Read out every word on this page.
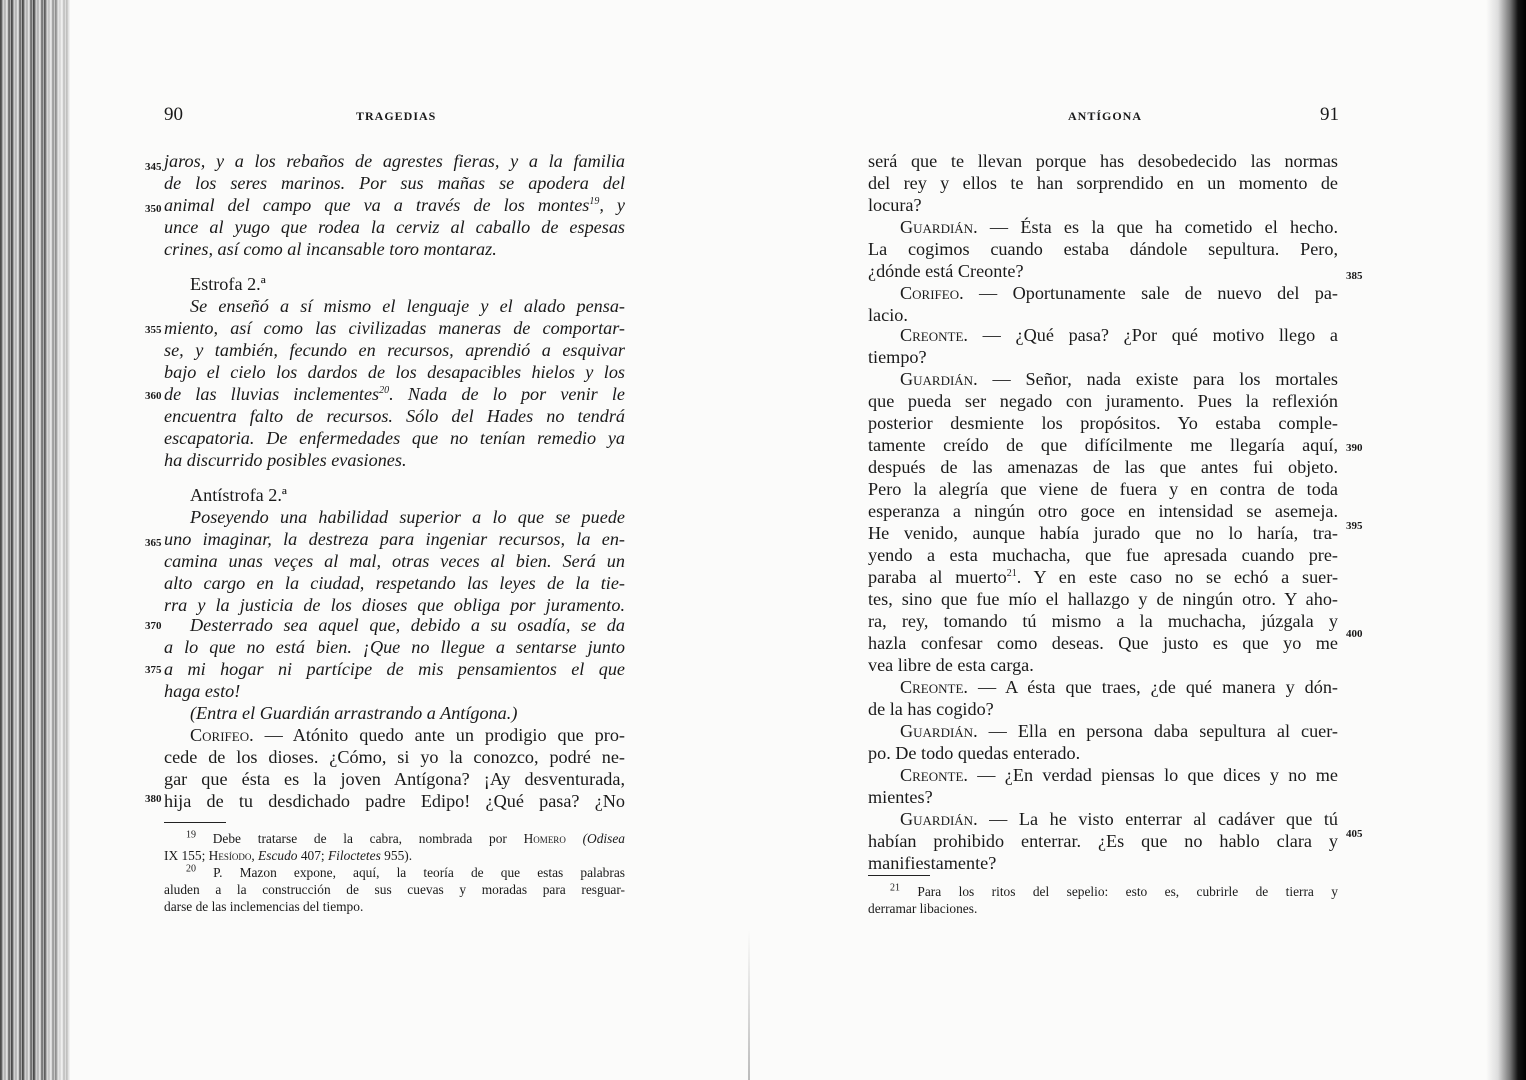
90	TRAGEDIAS
345
350
355
360
365
370
375
380
jaros, y a los rebaños de agrestes fieras, y a la familia
de los seres marinos. Por sus mañas se apodera del
animal del campo que va a través de los montes$^{19}$, y
unce al yugo que rodea la cerviz al caballo de espesas
crines, así como al incansable toro montaraz.
Estrofa 2.ª
Se enseñó a sí mismo el lenguaje y el alado pensa-
miento, así como las civilizadas maneras de comportar-
se, y también, fecundo en recursos, aprendió a esquivar
bajo el cielo los dardos de los desapacibles hielos y los
de las lluvias inclementes$^{20}$. Nada de lo por venir le
encuentra falto de recursos. Sólo del Hades no tendrá
escapatoria. De enfermedades que no tenían remedio ya
ha discurrido posibles evasiones.
Antístrofa 2.ª
Poseyendo una habilidad superior a lo que se puede
uno imaginar, la destreza para ingeniar recursos, la en-
camina unas veçes al mal, otras veces al bien. Será un
alto cargo en la ciudad, respetando las leyes de la tie-
rra y la justicia de los dioses que obliga por juramento.
Desterrado sea aquel que, debido a su osadía, se da
a lo que no está bien. ¡Que no llegue a sentarse junto
a mi hogar ni partícipe de mis pensamientos el que
haga esto!
(Entra el Guardián arrastrando a Antígona.)
Corifeo. — Atónito quedo ante un prodigio que pro-
cede de los dioses. ¿Cómo, si yo la conozco, podré ne-
gar que ésta es la joven Antígona? ¡Ay desventurada,
hija de tu desdichado padre Edipo! ¿Qué pasa? ¿No
$^{19}$ Debe tratarse de la cabra, nombrada por Homero (Odisea
IX 155; Hesíodo, Escudo 407; Filoctetes 955).
$^{20}$ P. Mazon expone, aquí, la teoría de que estas palabras
aluden a la construcción de sus cuevas y moradas para resguar-
darse de las inclemencias del tiempo.
ANTÍGONA	91
385
390
395
400
405
será que te llevan porque has desobedecido las normas
del rey y ellos te han sorprendido en un momento de
locura?
Guardián. — Ésta es la que ha cometido el hecho.
La cogimos cuando estaba dándole sepultura. Pero,
¿dónde está Creonte?
Corifeo. — Oportunamente sale de nuevo del pa-
lacio.
Creonte. — ¿Qué pasa? ¿Por qué motivo llego a
tiempo?
Guardián. — Señor, nada existe para los mortales
que pueda ser negado con juramento. Pues la reflexión
posterior desmiente los propósitos. Yo estaba comple-
tamente creído de que difícilmente me llegaría aquí,
después de las amenazas de las que antes fui objeto.
Pero la alegría que viene de fuera y en contra de toda
esperanza a ningún otro goce en intensidad se asemeja.
He venido, aunque había jurado que no lo haría, tra-
yendo a esta muchacha, que fue apresada cuando pre-
paraba al muerto$^{21}$. Y en este caso no se echó a suer-
tes, sino que fue mío el hallazgo y de ningún otro. Y aho-
ra, rey, tomando tú mismo a la muchacha, júzgala y
hazla confesar como deseas. Que justo es que yo me
vea libre de esta carga.
Creonte. — A ésta que traes, ¿de qué manera y dón-
de la has cogido?
Guardián. — Ella en persona daba sepultura al cuer-
po. De todo quedas enterado.
Creonte. — ¿En verdad piensas lo que dices y no me
mientes?
Guardián. — La he visto enterrar al cadáver que tú
habían prohibido enterrar. ¿Es que no hablo clara y
manifiestamente?
$^{21}$ Para los ritos del sepelio: esto es, cubrirle de tierra y
derramar libaciones.
